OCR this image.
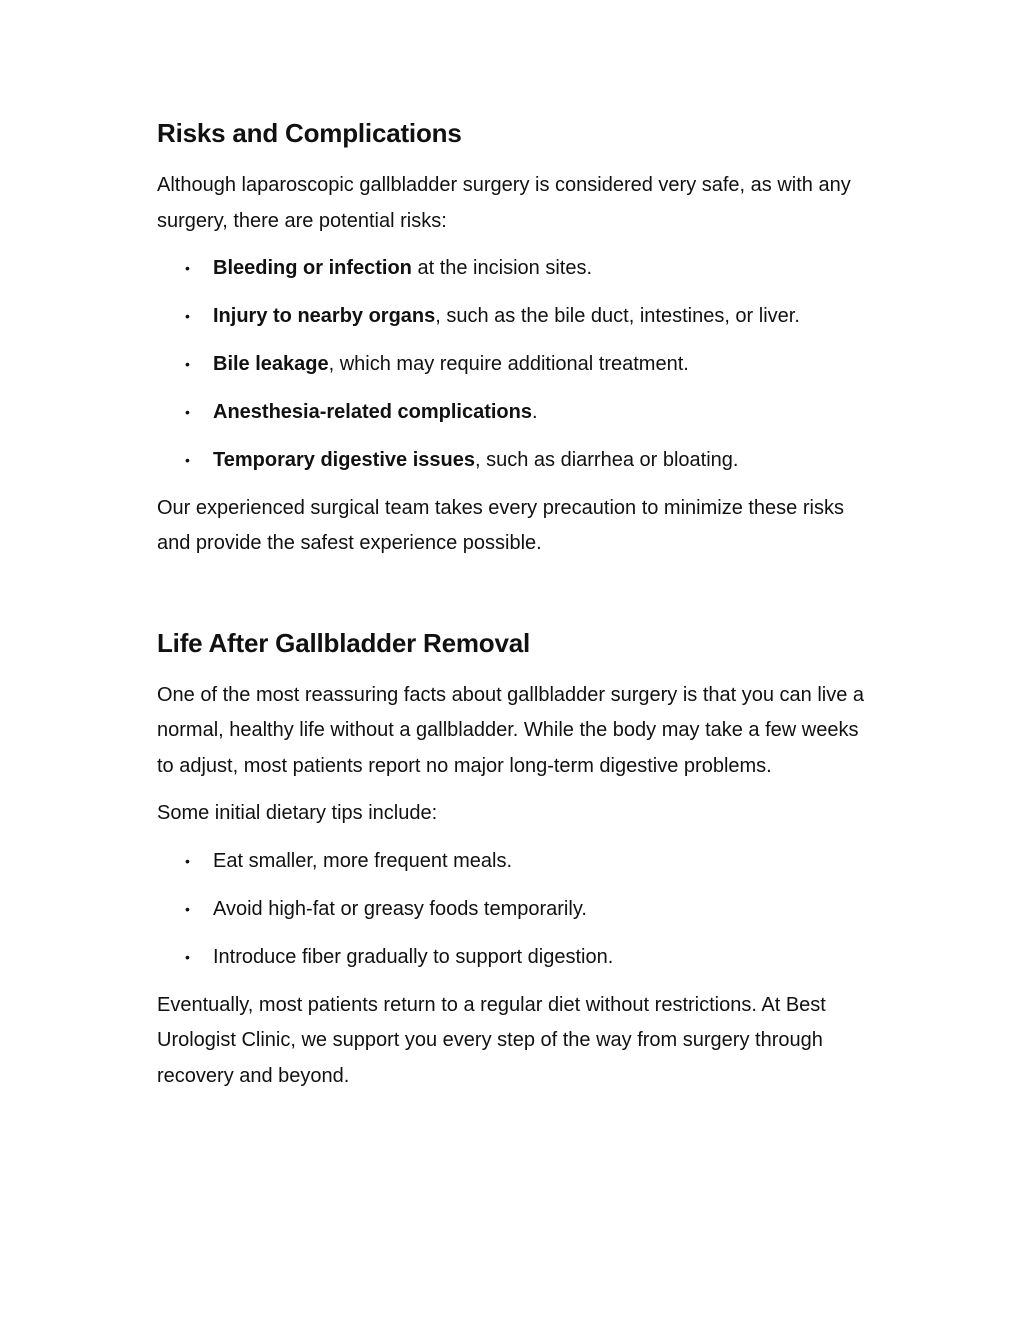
Risks and Complications

Although laparoscopic gallbladder surgery is considered very safe, as with any surgery, there are potential risks:

• Bleeding or infection at the incision sites.
• Injury to nearby organs, such as the bile duct, intestines, or liver.
• Bile leakage, which may require additional treatment.
• Anesthesia-related complications.
• Temporary digestive issues, such as diarrhea or bloating.

Our experienced surgical team takes every precaution to minimize these risks and provide the safest experience possible.

Life After Gallbladder Removal

One of the most reassuring facts about gallbladder surgery is that you can live a normal, healthy life without a gallbladder. While the body may take a few weeks to adjust, most patients report no major long-term digestive problems.

Some initial dietary tips include:

• Eat smaller, more frequent meals.
• Avoid high-fat or greasy foods temporarily.
• Introduce fiber gradually to support digestion.

Eventually, most patients return to a regular diet without restrictions. At Best Urologist Clinic, we support you every step of the way from surgery through recovery and beyond.
